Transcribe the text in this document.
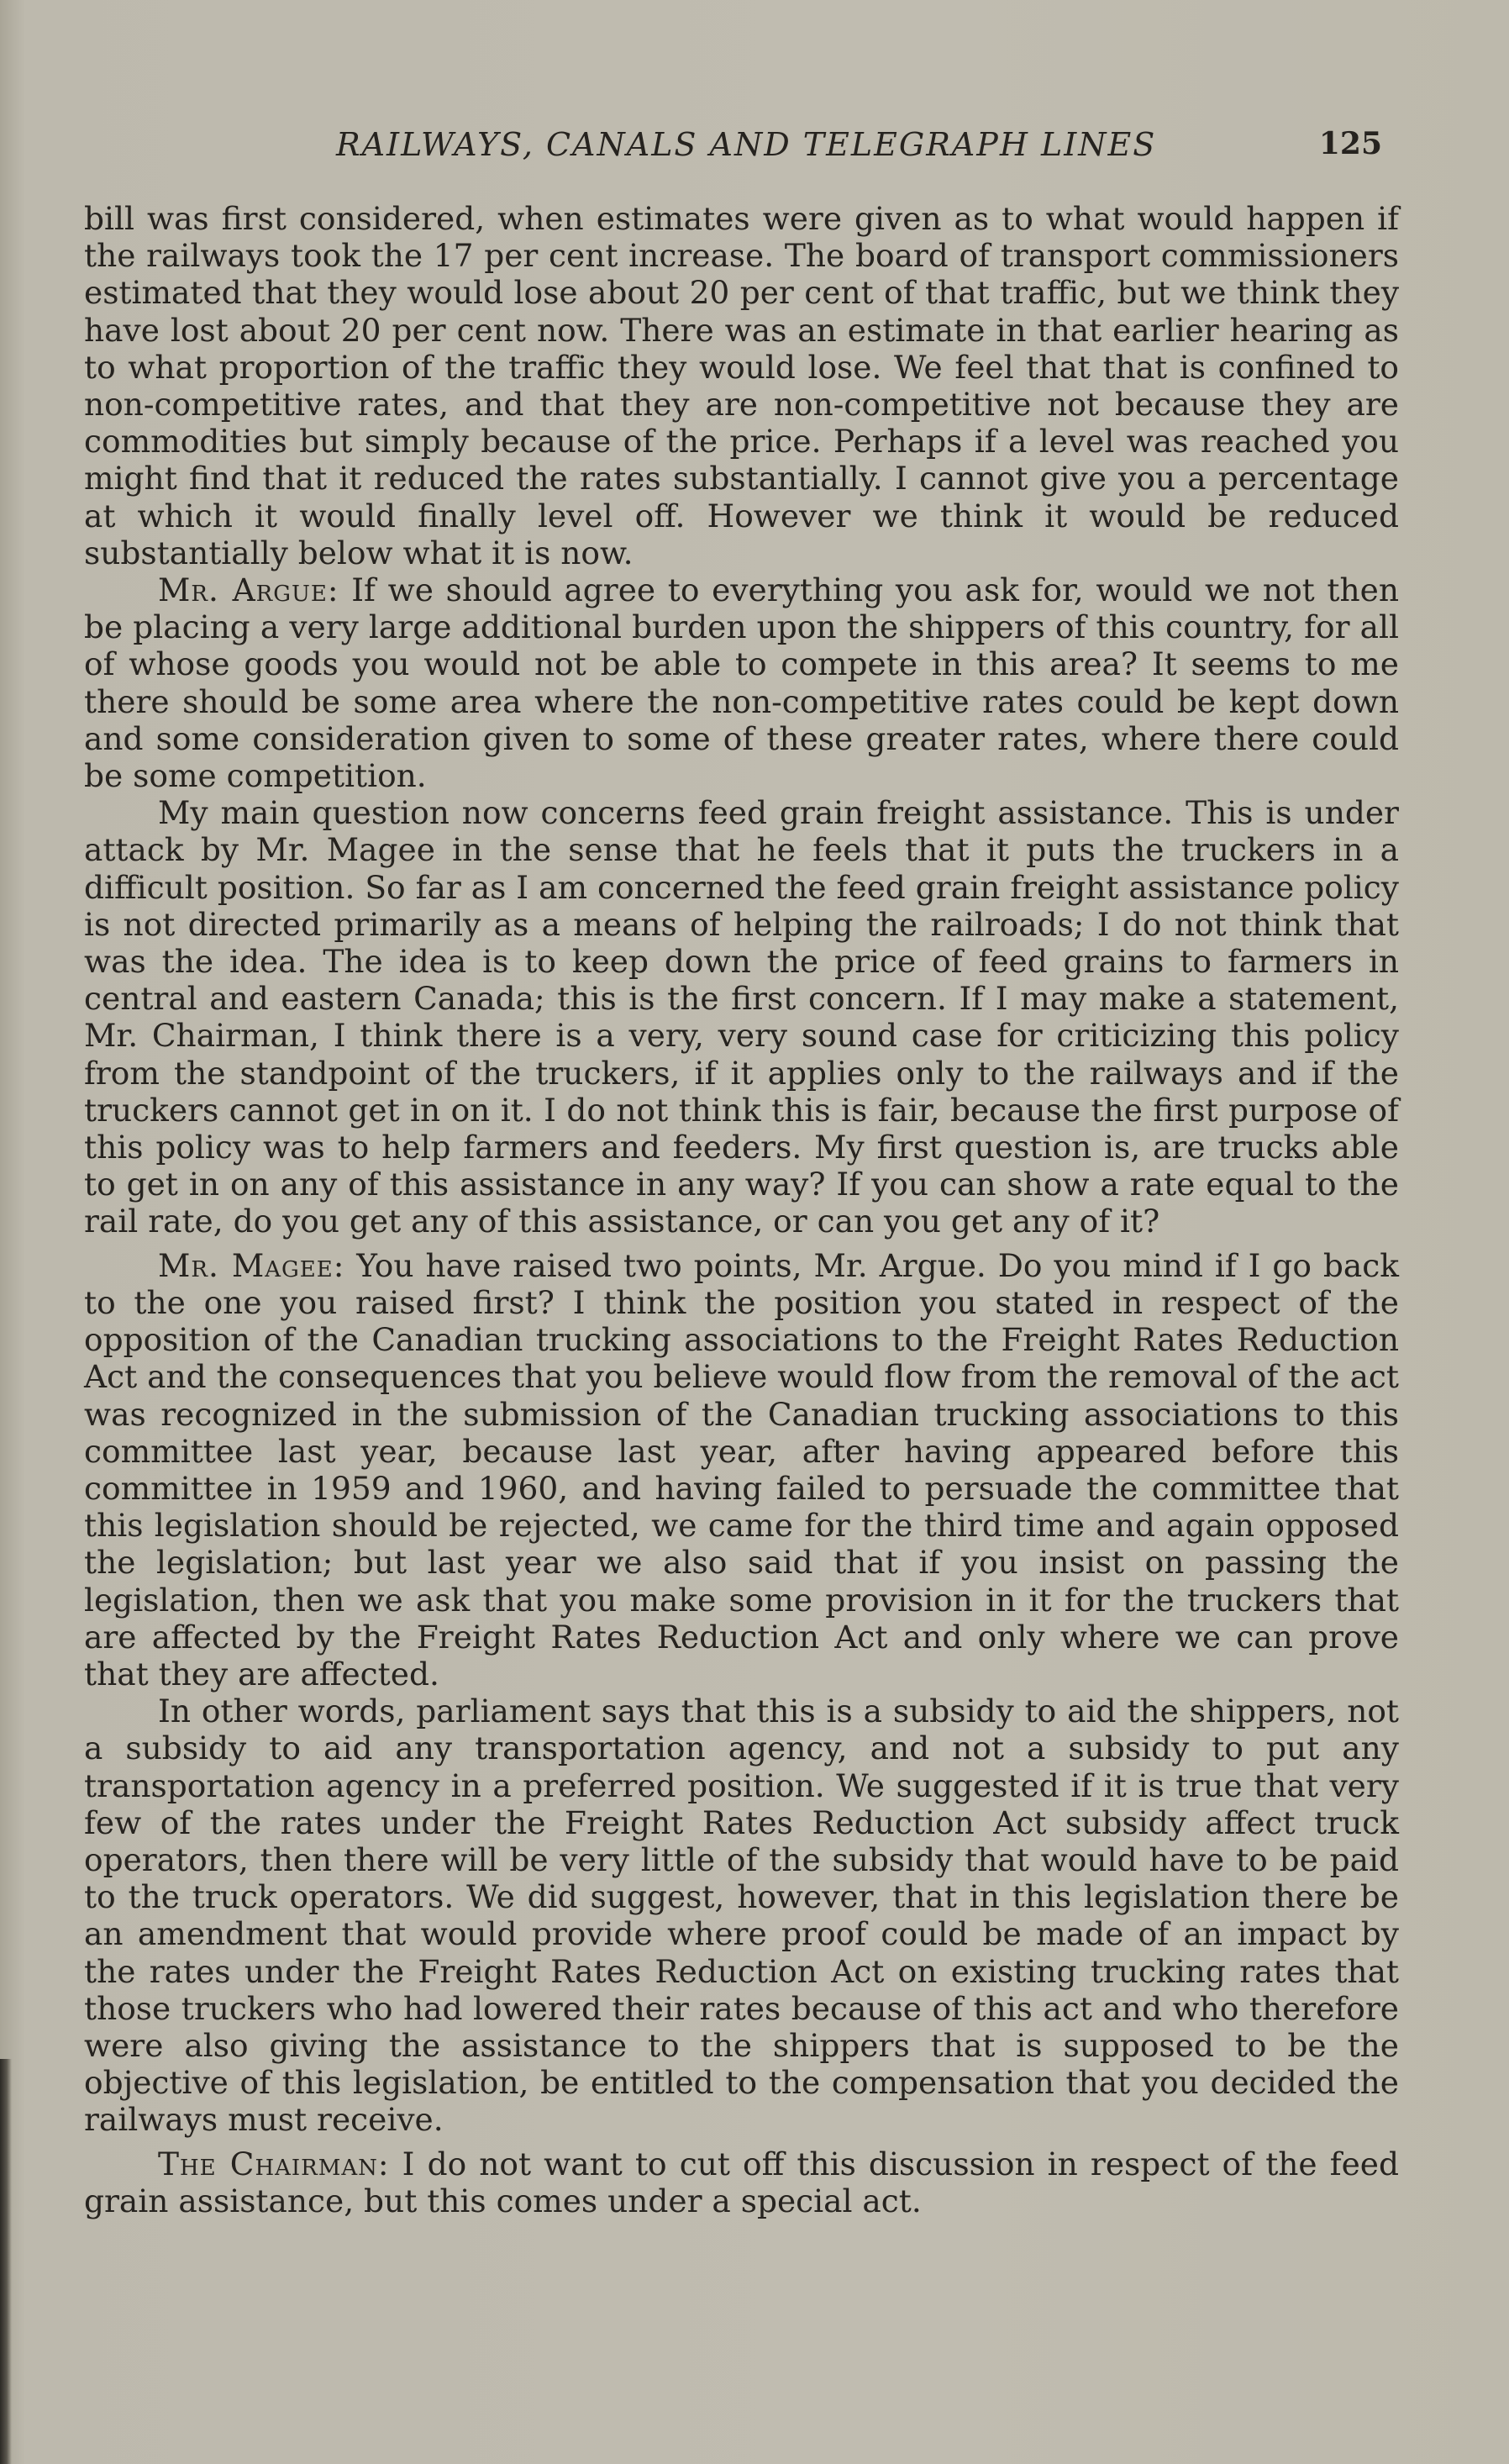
RAILWAYS, CANALS AND TELEGRAPH LINES	125

bill was first considered, when estimates were given as to what would happen if the railways took the 17 per cent increase. The board of transport commissioners estimated that they would lose about 20 per cent of that traffic, but we think they have lost about 20 per cent now. There was an estimate in that earlier hearing as to what proportion of the traffic they would lose. We feel that that is confined to non-competitive rates, and that they are non-competitive not because they are commodities but simply because of the price. Perhaps if a level was reached you might find that it reduced the rates substantially. I cannot give you a percentage at which it would finally level off. However we think it would be reduced substantially below what it is now.

Mr. Argue: If we should agree to everything you ask for, would we not then be placing a very large additional burden upon the shippers of this country, for all of whose goods you would not be able to compete in this area? It seems to me there should be some area where the non-competitive rates could be kept down and some consideration given to some of these greater rates, where there could be some competition.

My main question now concerns feed grain freight assistance. This is under attack by Mr. Magee in the sense that he feels that it puts the truckers in a difficult position. So far as I am concerned the feed grain freight assistance policy is not directed primarily as a means of helping the railroads; I do not think that was the idea. The idea is to keep down the price of feed grains to farmers in central and eastern Canada; this is the first concern. If I may make a statement, Mr. Chairman, I think there is a very, very sound case for criticizing this policy from the standpoint of the truckers, if it applies only to the railways and if the truckers cannot get in on it. I do not think this is fair, because the first purpose of this policy was to help farmers and feeders. My first question is, are trucks able to get in on any of this assistance in any way? If you can show a rate equal to the rail rate, do you get any of this assistance, or can you get any of it?

Mr. Magee: You have raised two points, Mr. Argue. Do you mind if I go back to the one you raised first? I think the position you stated in respect of the opposition of the Canadian trucking associations to the Freight Rates Reduction Act and the consequences that you believe would flow from the removal of the act was recognized in the submission of the Canadian trucking associations to this committee last year, because last year, after having appeared before this committee in 1959 and 1960, and having failed to persuade the committee that this legislation should be rejected, we came for the third time and again opposed the legislation; but last year we also said that if you insist on passing the legislation, then we ask that you make some provision in it for the truckers that are affected by the Freight Rates Reduction Act and only where we can prove that they are affected.

In other words, parliament says that this is a subsidy to aid the shippers, not a subsidy to aid any transportation agency, and not a subsidy to put any transportation agency in a preferred position. We suggested if it is true that very few of the rates under the Freight Rates Reduction Act subsidy affect truck operators, then there will be very little of the subsidy that would have to be paid to the truck operators. We did suggest, however, that in this legislation there be an amendment that would provide where proof could be made of an impact by the rates under the Freight Rates Reduction Act on existing trucking rates that those truckers who had lowered their rates because of this act and who therefore were also giving the assistance to the shippers that is supposed to be the objective of this legislation, be entitled to the compensation that you decided the railways must receive.

The Chairman: I do not want to cut off this discussion in respect of the feed grain assistance, but this comes under a special act.
